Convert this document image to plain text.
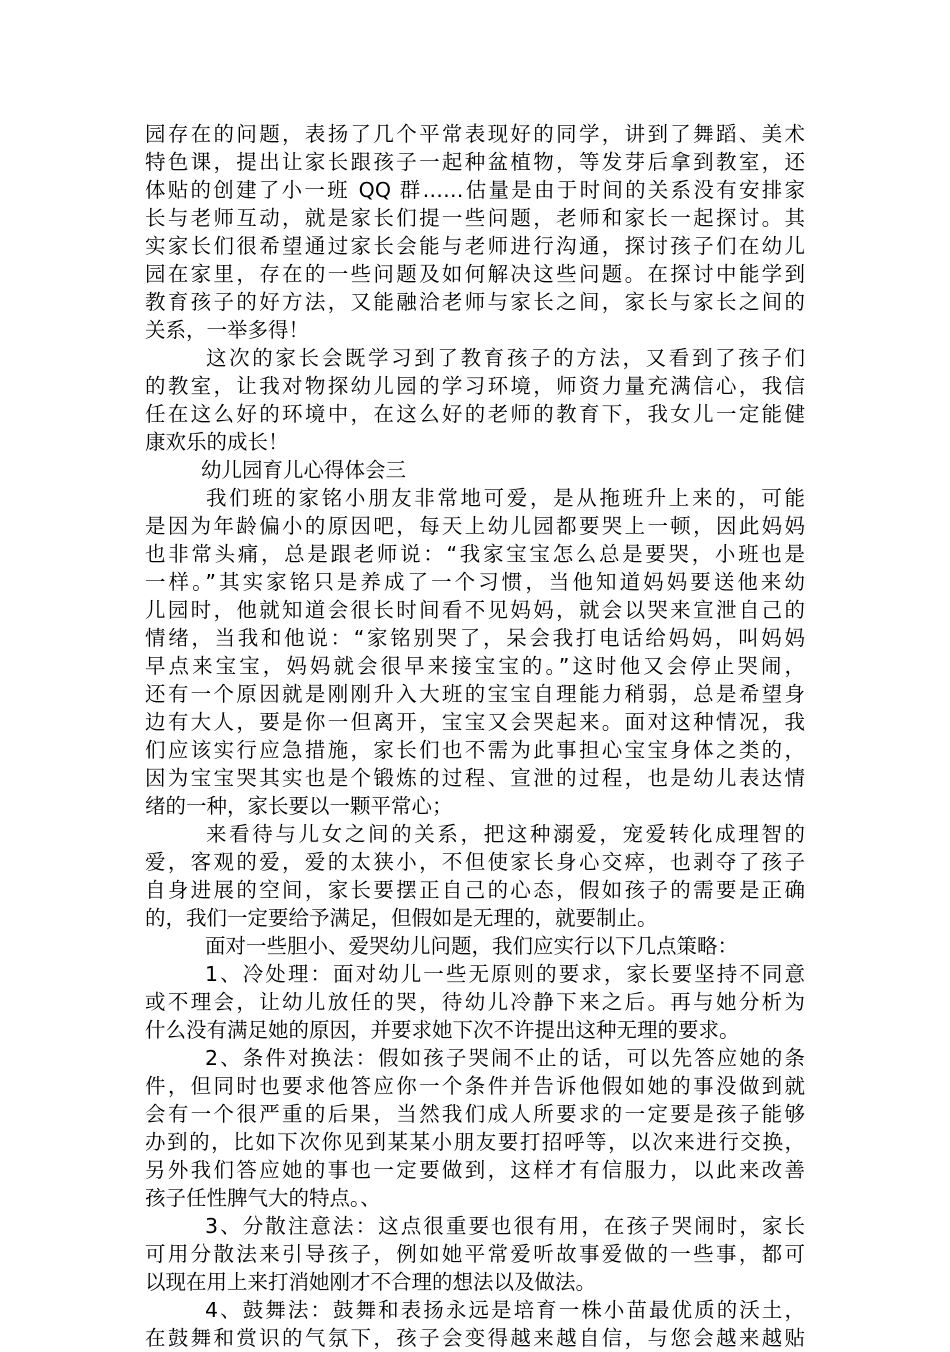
园存在的问题，表扬了几个平常表现好的同学，讲到了舞蹈、美术
特色课，提出让家长跟孩子一起种盆植物，等发芽后拿到教室，还
体贴的创建了小一班 QQ 群……估量是由于时间的关系没有安排家
长与老师互动，就是家长们提一些问题，老师和家长一起探讨。其
实家长们很希望通过家长会能与老师进行沟通，探讨孩子们在幼儿
园在家里，存在的一些问题及如何解决这些问题。在探讨中能学到
教育孩子的好方法，又能融洽老师与家长之间，家长与家长之间的
关系，一举多得！
这次的家长会既学习到了教育孩子的方法，又看到了孩子们
的教室，让我对物探幼儿园的学习环境，师资力量充满信心，我信
任在这么好的环境中，在这么好的老师的教育下，我女儿一定能健
康欢乐的成长！
幼儿园育儿心得体会三
我们班的家铭小朋友非常地可爱，是从拖班升上来的，可能
是因为年龄偏小的原因吧，每天上幼儿园都要哭上一顿，因此妈妈
也非常头痛，总是跟老师说：“我家宝宝怎么总是要哭，小班也是
一样。”其实家铭只是养成了一个习惯，当他知道妈妈要送他来幼
儿园时，他就知道会很长时间看不见妈妈，就会以哭来宣泄自己的
情绪，当我和他说：“家铭别哭了，呆会我打电话给妈妈，叫妈妈
早点来宝宝，妈妈就会很早来接宝宝的。”这时他又会停止哭闹，
还有一个原因就是刚刚升入大班的宝宝自理能力稍弱，总是希望身
边有大人，要是你一但离开，宝宝又会哭起来。面对这种情况，我
们应该实行应急措施，家长们也不需为此事担心宝宝身体之类的，
因为宝宝哭其实也是个锻炼的过程、宣泄的过程，也是幼儿表达情
绪的一种，家长要以一颗平常心；
来看待与儿女之间的关系，把这种溺爱，宠爱转化成理智的
爱，客观的爱，爱的太狭小，不但使家长身心交瘁，也剥夺了孩子
自身进展的空间，家长要摆正自己的心态，假如孩子的需要是正确
的，我们一定要给予满足，但假如是无理的，就要制止。
面对一些胆小、爱哭幼儿问题，我们应实行以下几点策略：
1、冷处理：面对幼儿一些无原则的要求，家长要坚持不同意
或不理会，让幼儿放任的哭，待幼儿冷静下来之后。再与她分析为
什么没有满足她的原因，并要求她下次不许提出这种无理的要求。
2、条件对换法：假如孩子哭闹不止的话，可以先答应她的条
件，但同时也要求他答应你一个条件并告诉他假如她的事没做到就
会有一个很严重的后果，当然我们成人所要求的一定要是孩子能够
办到的，比如下次你见到某某小朋友要打招呼等，以次来进行交换，
另外我们答应她的事也一定要做到，这样才有信服力，以此来改善
孩子任性脾气大的特点。、
3、分散注意法：这点很重要也很有用，在孩子哭闹时，家长
可用分散法来引导孩子，例如她平常爱听故事爱做的一些事，都可
以现在用上来打消她刚才不合理的想法以及做法。
4、鼓舞法：鼓舞和表扬永远是培育一株小苗最优质的沃土，
在鼓舞和赏识的气氛下，孩子会变得越来越自信，与您会越来越贴
